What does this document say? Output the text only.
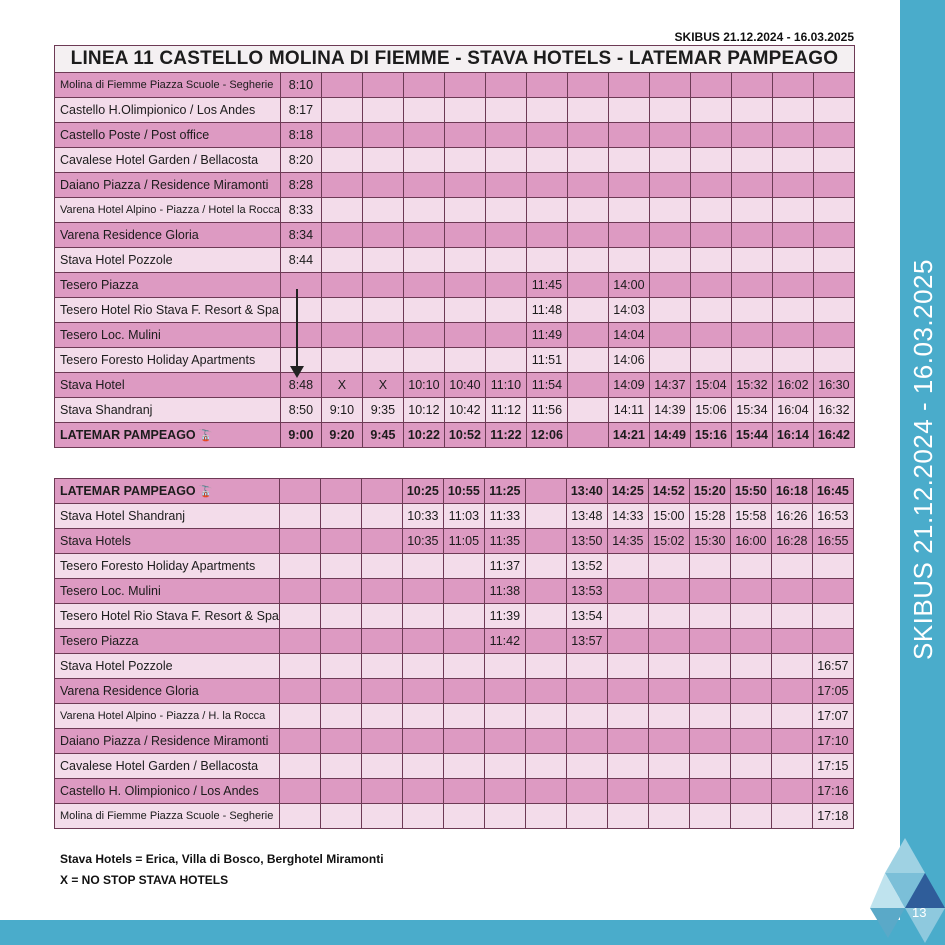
SKIBUS 21.12.2024 - 16.03.2025
LINEA 11 CASTELLO MOLINA DI FIEMME - STAVA HOTELS - LATEMAR PAMPEAGO														
Molina di Fiemme Piazza Scuole - Segherie	8:10													
Castello H.Olimpionico / Los Andes	8:17													
Castello Poste / Post office	8:18													
Cavalese Hotel Garden / Bellacosta	8:20													
Daiano Piazza / Residence Miramonti	8:28													
Varena Hotel Alpino - Piazza / Hotel la Rocca	8:33													
Varena Residence Gloria	8:34													
Stava Hotel Pozzole	8:44													
Tesero Piazza							11:45		14:00					
Tesero Hotel Rio Stava F. Resort & Spa							11:48		14:03					
Tesero Loc. Mulini							11:49		14:04					
Tesero Foresto Holiday Apartments							11:51		14:06					
Stava Hotel	8:48	X	X	10:10	10:40	11:10	11:54		14:09	14:37	15:04	15:32	16:02	16:30
Stava Shandranj	8:50	9:10	9:35	10:12	10:42	11:12	11:56		14:11	14:39	15:06	15:34	16:04	16:32
LATEMAR PAMPEAGO 🚡	9:00	9:20	9:45	10:22	10:52	11:22	12:06		14:21	14:49	15:16	15:44	16:14	16:42
LATEMAR PAMPEAGO 🚡				10:25	10:55	11:25		13:40	14:25	14:52	15:20	15:50	16:18	16:45
Stava Hotel Shandranj				10:33	11:03	11:33		13:48	14:33	15:00	15:28	15:58	16:26	16:53
Stava Hotels				10:35	11:05	11:35		13:50	14:35	15:02	15:30	16:00	16:28	16:55
Tesero Foresto Holiday Apartments						11:37		13:52						
Tesero Loc. Mulini						11:38		13:53						
Tesero Hotel Rio Stava F. Resort & Spa						11:39		13:54						
Tesero Piazza						11:42		13:57						
Stava Hotel Pozzole														16:57
Varena Residence Gloria														17:05
Varena Hotel Alpino - Piazza / H. la Rocca														17:07
Daiano Piazza / Residence Miramonti														17:10
Cavalese Hotel Garden / Bellacosta														17:15
Castello H. Olimpionico / Los Andes														17:16
Molina di Fiemme Piazza Scuole - Segherie														17:18
Stava Hotels = Erica, Villa di Bosco, Berghotel Miramonti
X = NO STOP STAVA HOTELS
SKIBUS 21.12.2024 - 16.03.2025
13
